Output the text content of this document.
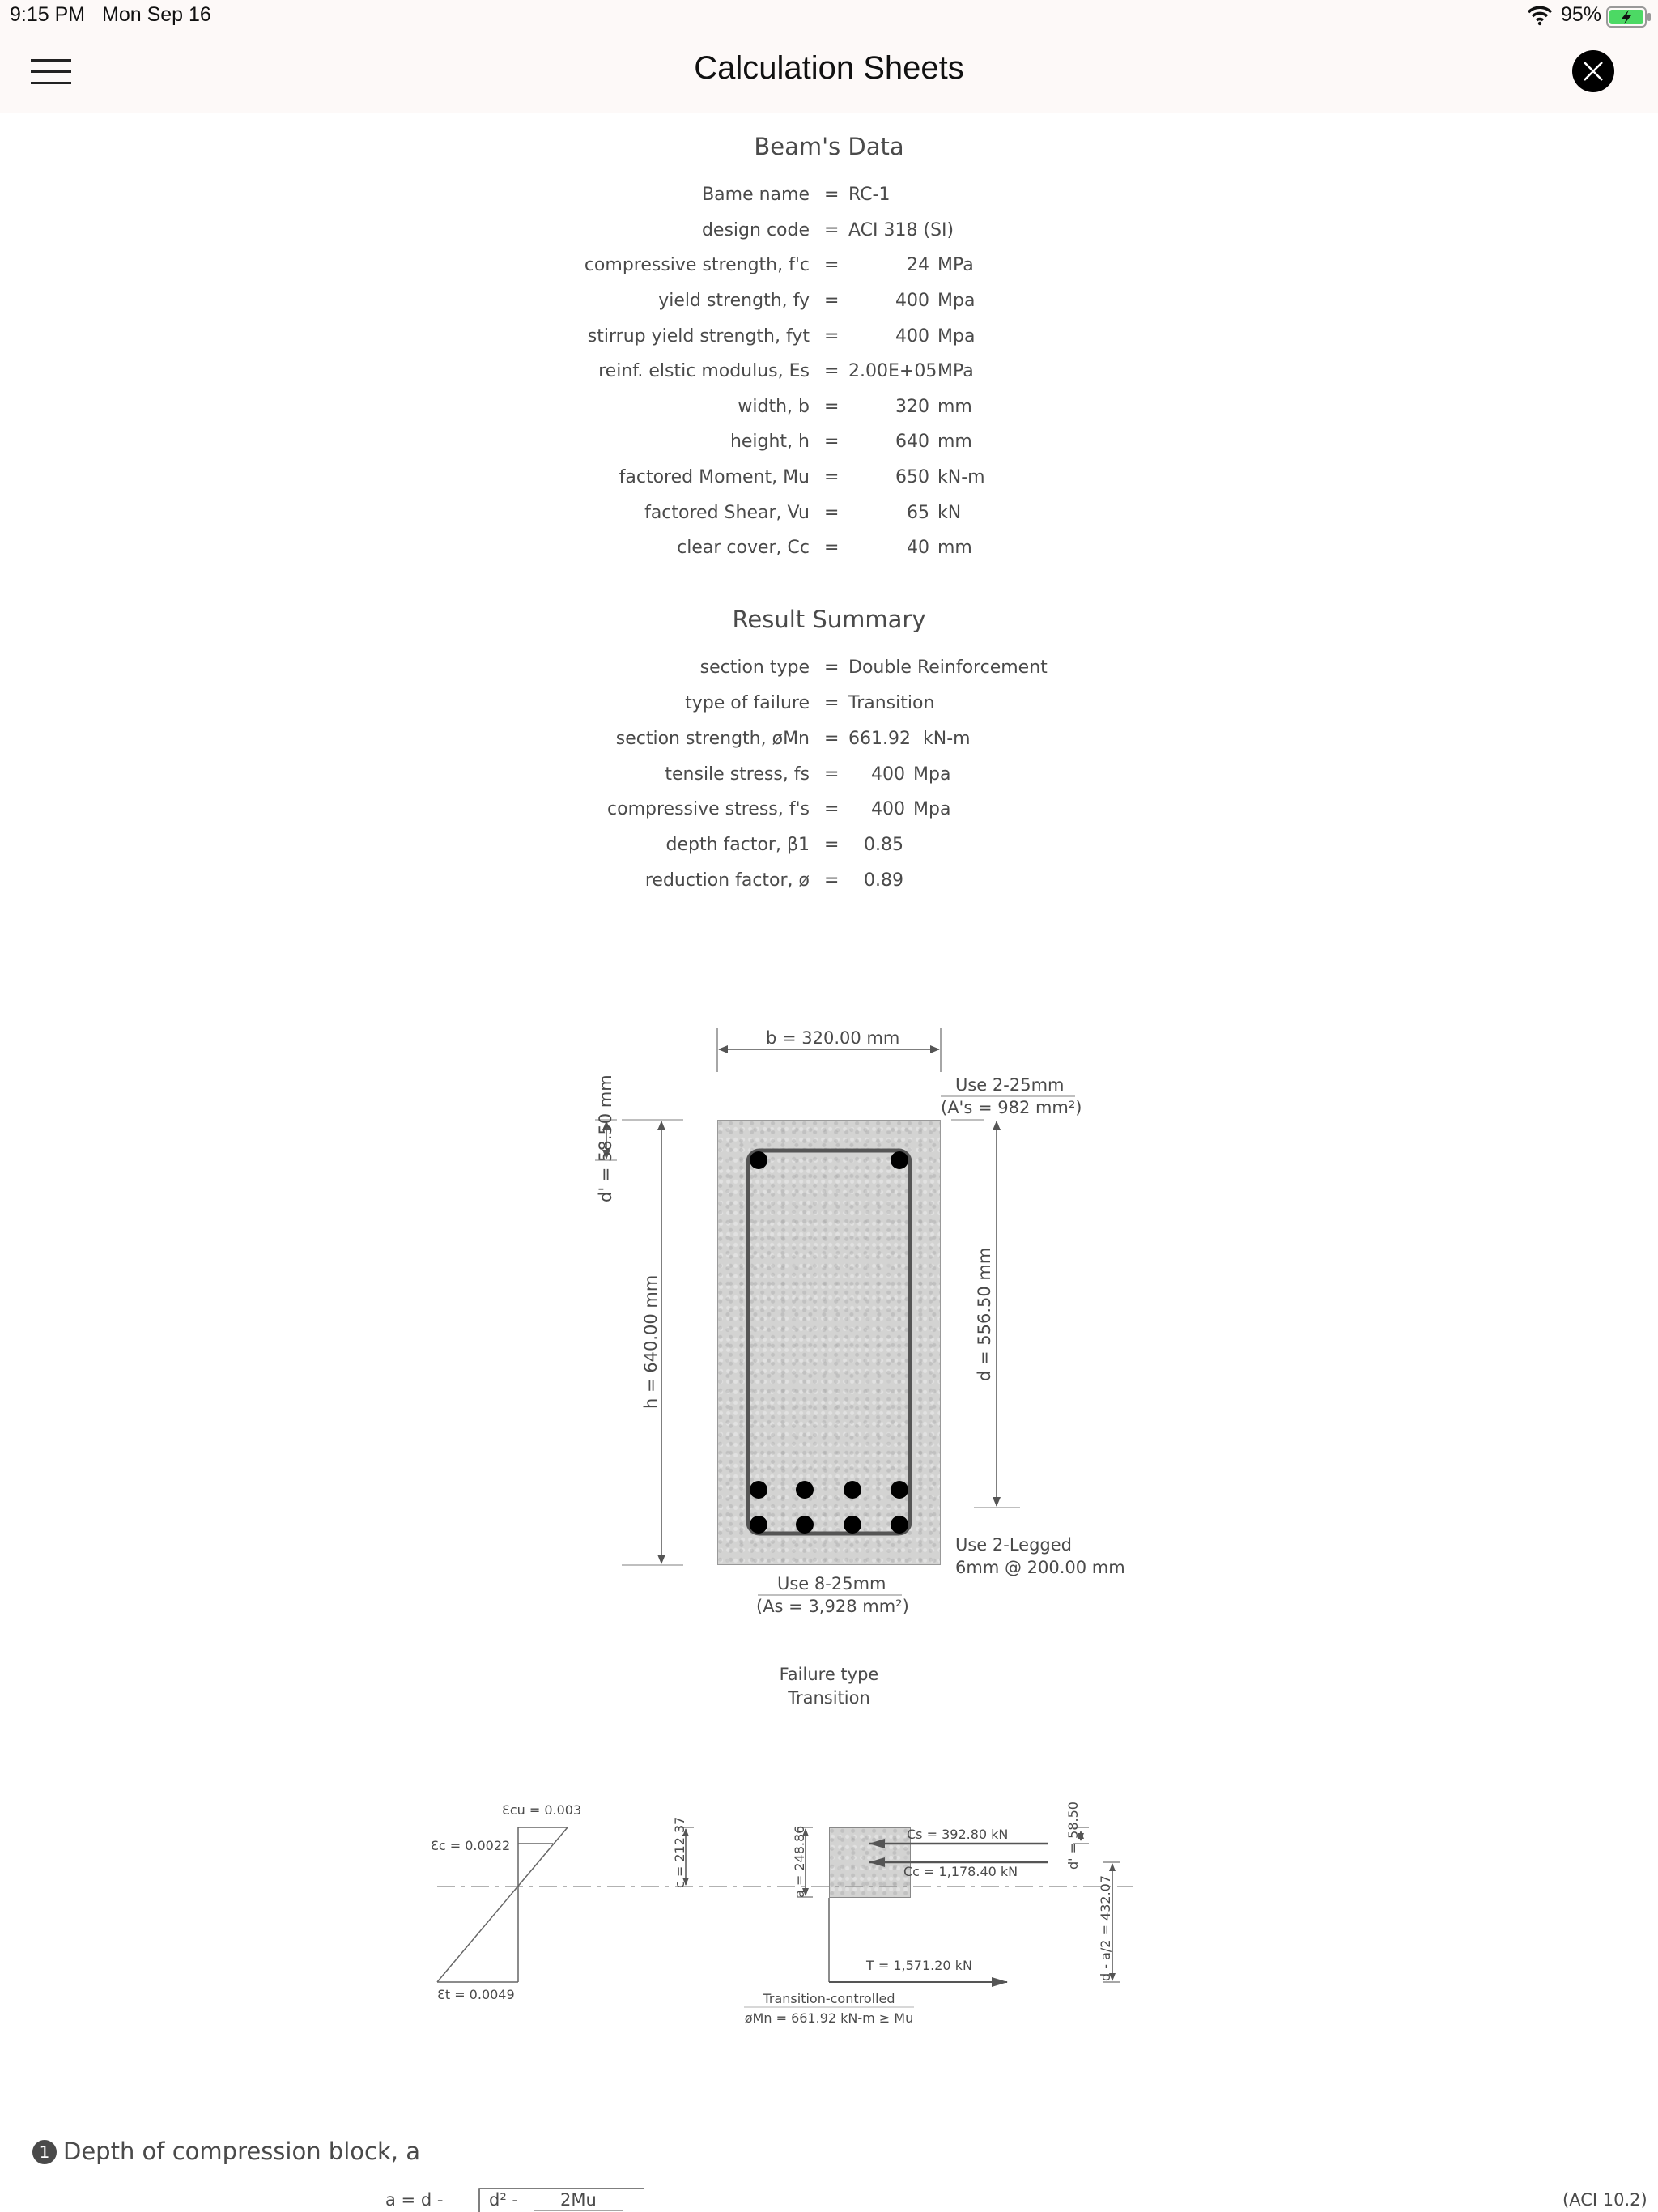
9:15 PM Mon Sep 16	95%
Calculation Sheets
Beam's Data
Bame name = RC-1
design code = ACI 318 (SI)
compressive strength, f'c =	24 MPa
yield strength, fy =	400 Mpa
stirrup yield strength, fyt =	400 Mpa
reinf. elstic modulus, Es = 2.00E+05 MPa
width, b =	320 mm
height, h =	640 mm
factored Moment, Mu =	650 kN-m
factored Shear, Vu =	65 kN
clear cover, Cc =	40 mm
Result Summary
section type = Double Reinforcement
type of failure = Transition
section strength, øMn = 661.92 kN-m
tensile stress, fs =	400 Mpa
compressive stress, f's =	400 Mpa
depth factor, β1 =	0.85
reduction factor, ø =	0.89
b = 320.00 mm
Use 2-25mm
(A's = 982 mm²)
d' = 58.50 mm
h = 640.00 mm	d = 556.50 mm
Use 2-Legged
6mm @ 200.00 mm
Use 8-25mm
(As = 3,928 mm²)
Failure type
Transition
Ɛcu = 0.003
Ɛc = 0.0022
Ɛt = 0.0049
c = 212.37	a = 248.86	Cs = 392.80 kN
Cc = 1,178.40 kN
T = 1,571.20 kN
d' = 58.50
d - a/2 = 432.07
Transition-controlled
øMn = 661.92 kN-m ≥ Mu
1 Depth of compression block, a
a = d -	d² - 2Mu	(ACI 10.2)
